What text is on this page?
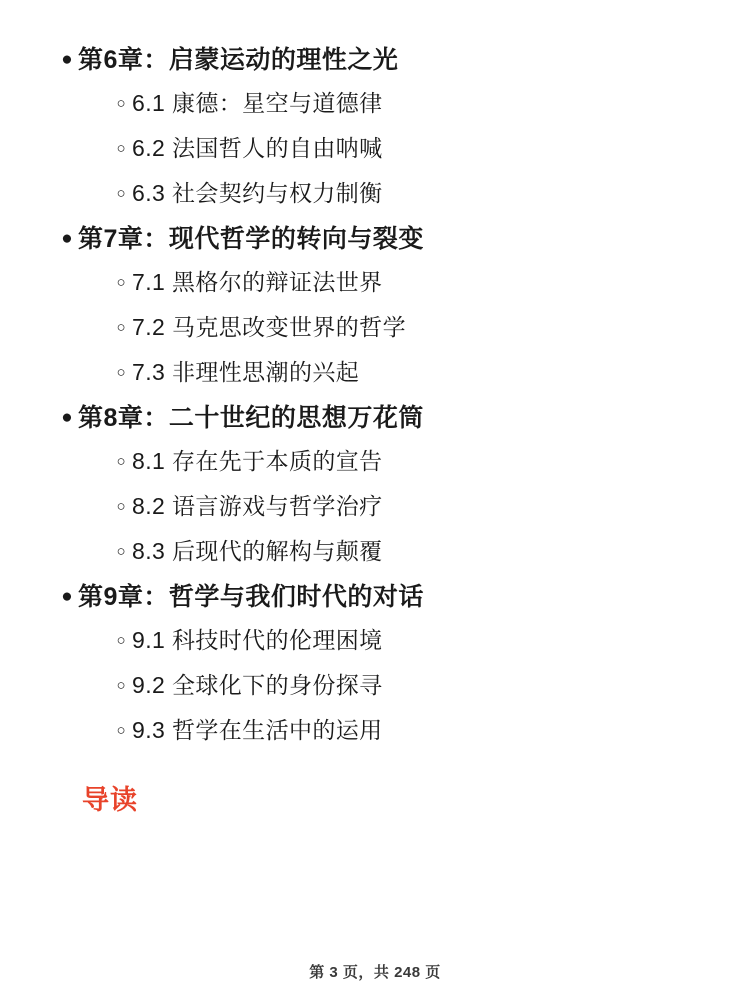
● 第6章：启蒙运动的理性之光
○ 6.1 康德：星空与道德律
○ 6.2 法国哲人的自由呐喊
○ 6.3 社会契约与权力制衡
● 第7章：现代哲学的转向与裂变
○ 7.1 黑格尔的辩证法世界
○ 7.2 马克思改变世界的哲学
○ 7.3 非理性思潮的兴起
● 第8章：二十世纪的思想万花筒
○ 8.1 存在先于本质的宣告
○ 8.2 语言游戏与哲学治疗
○ 8.3 后现代的解构与颠覆
● 第9章：哲学与我们时代的对话
○ 9.1 科技时代的伦理困境
○ 9.2 全球化下的身份探寻
○ 9.3 哲学在生活中的运用
导读
第 3 页，共 248 页
